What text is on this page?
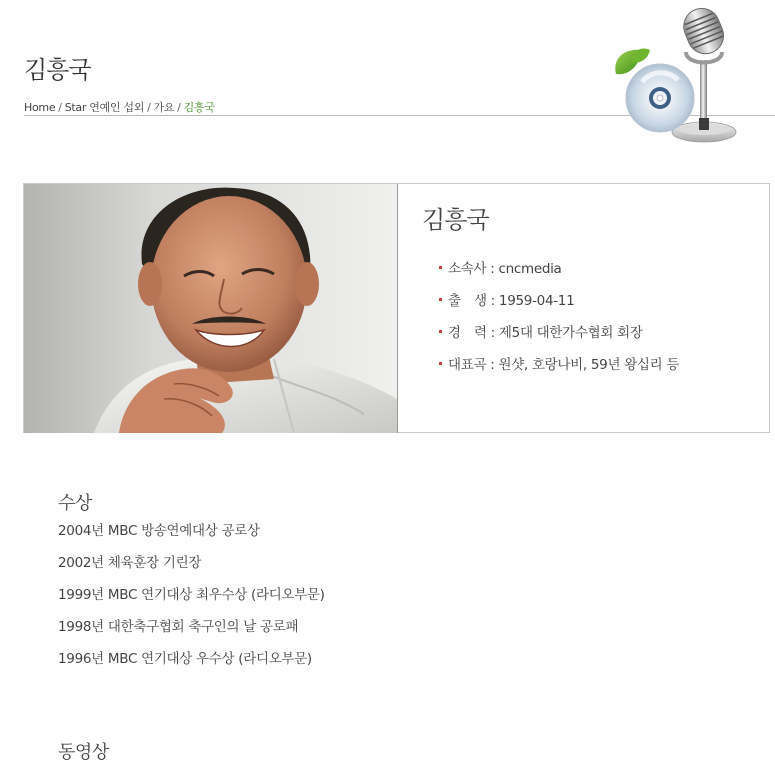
김흥국
Home / Star 연예인 섭외 / 가요 / 김흥국
김흥국
소속사 : cncmedia
출　생 : 1959-04-11
경　력 : 제5대 대한가수협회 회장
대표곡 : 원샷, 호랑나비, 59년 왕십리 등
수상
2004년 MBC 방송연예대상 공로상
2002년 체육훈장 기린장
1999년 MBC 연기대상 최우수상 (라디오부문)
1998년 대한축구협회 축구인의 날 공로패
1996년 MBC 연기대상 우수상 (라디오부문)
동영상
